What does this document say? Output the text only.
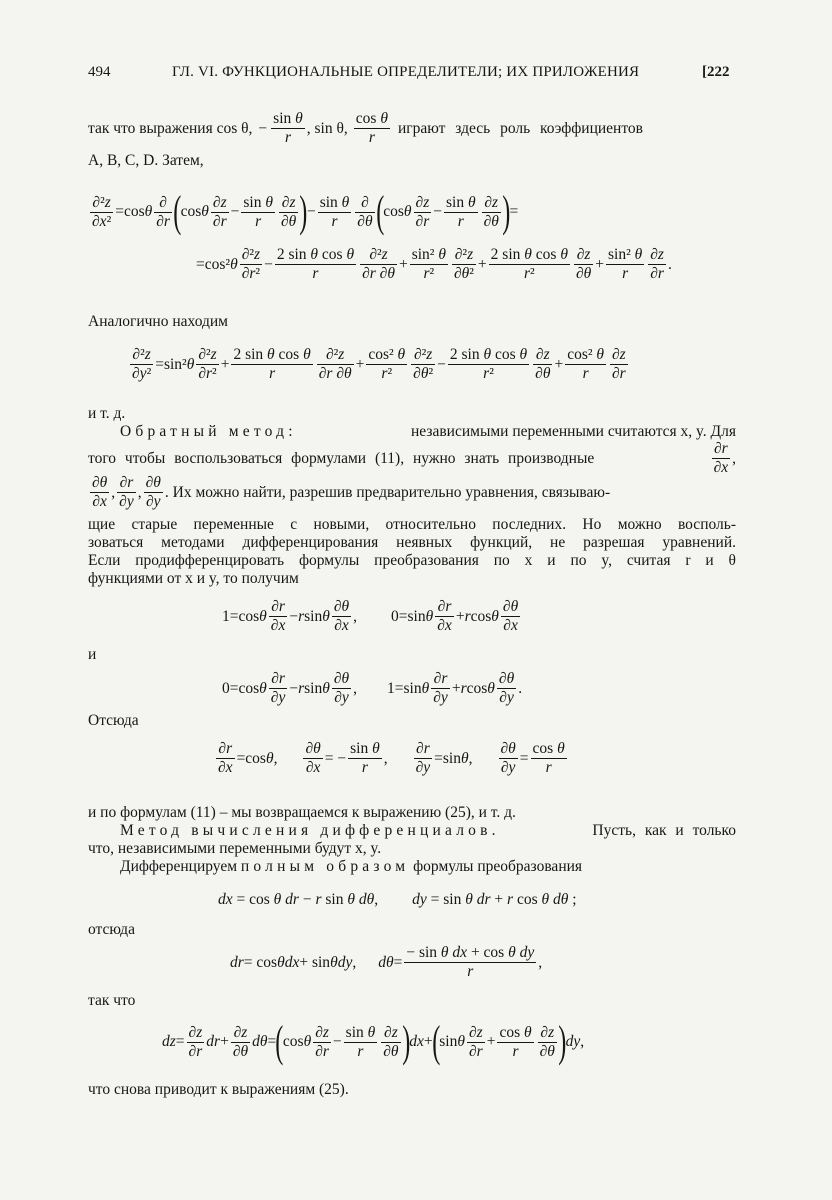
494	ГЛ. VI. ФУНКЦИОНАЛЬНЫЕ ОПРЕДЕЛИТЕЛИ; ИХ ПРИЛОЖЕНИЯ	[222
так что выражения cos θ, − $\frac{\text{sin θ}}{r}$ , sin θ,
cos θ
r
играют здесь роль коэффициентов
A, B, C, D. Затем,
∂²z
∂x²
=cos θ
∂
∂r ( cos θ
∂z
∂r
−
sin θ
r
∂z
∂θ ) −
sin θ
r
∂
∂θ ( cos θ
∂z
∂r
−
sin θ
r
∂z
∂θ ) =
=cos² θ
∂²z
∂r²
−
2 sin θ cos θ
r
∂²z
∂r ∂θ
+
sin² θ
r²
∂²z
∂θ²
+
2 sin θ cos θ
r²
∂z
∂θ
+
sin² θ
r
∂z
∂r
.
Аналогично находим
∂²z
∂y²
=sin² θ
∂²z
∂r²
+
2 sin θ cos θ
r
∂²z
∂r ∂θ
+
cos² θ
r²
∂²z
∂θ²
−
2 sin θ cos θ
r²
∂z
∂θ
+
cos² θ
r
∂z
∂r
и т. д.
Обратный метод:	независимыми переменными считаются x, y. Для
того чтобы воспользоваться формулами (11), нужно знать производные
∂r
∂x
,
∂θ
∂x
,
∂r
∂y
,
∂θ
∂y
. Их можно найти, разрешив предварительно уравнения, связываю-
щие старые переменные с новыми, относительно последних. Но можно восполь-
зоваться методами дифференцирования неявных функций, не разрешая уравнений.
Если продифференцировать формулы преобразования по x и по y, считая r и θ
функциями от x и y, то получим
1=cos θ
∂r
∂x
− r sin θ
∂θ
∂x
,
0=sin θ
∂r
∂x
+ r cos θ
∂θ
∂x
и
0=cos θ
∂r
∂y
− r sin θ
∂θ
∂y
,
1=sin θ
∂r
∂y
+ r cos θ
∂θ
∂y
.
Отсюда
∂r
∂x
=cos θ ,
∂θ
∂x
= −
sin θ
r
,
∂r
∂y
=sin θ ,
∂θ
∂y
=
cos θ
r
и по формулам (11) – мы возвращаемся к выражению (25), и т. д.
Метод вычисления дифференциалов.	Пусть, как и только
что, независимыми переменными будут x, y.
Дифференцируем полным образом формулы преобразования
dx = cos θ dr − r sin θ dθ, dy = sin θ dr + r cos θ dθ ;
отсюда
dr = cos θ dx + sin θ dy , dθ =
− sin θ dx + cos θ dy
r
,
так что
dz =
∂z
∂r
dr +
∂z
∂θ
dθ = ( cos θ
∂z
∂r
−
sin θ
r
∂z
∂θ ) dx + ( sin θ
∂z
∂r
+
cos θ
r
∂z
∂θ ) dy ,
что снова приводит к выражениям (25).
